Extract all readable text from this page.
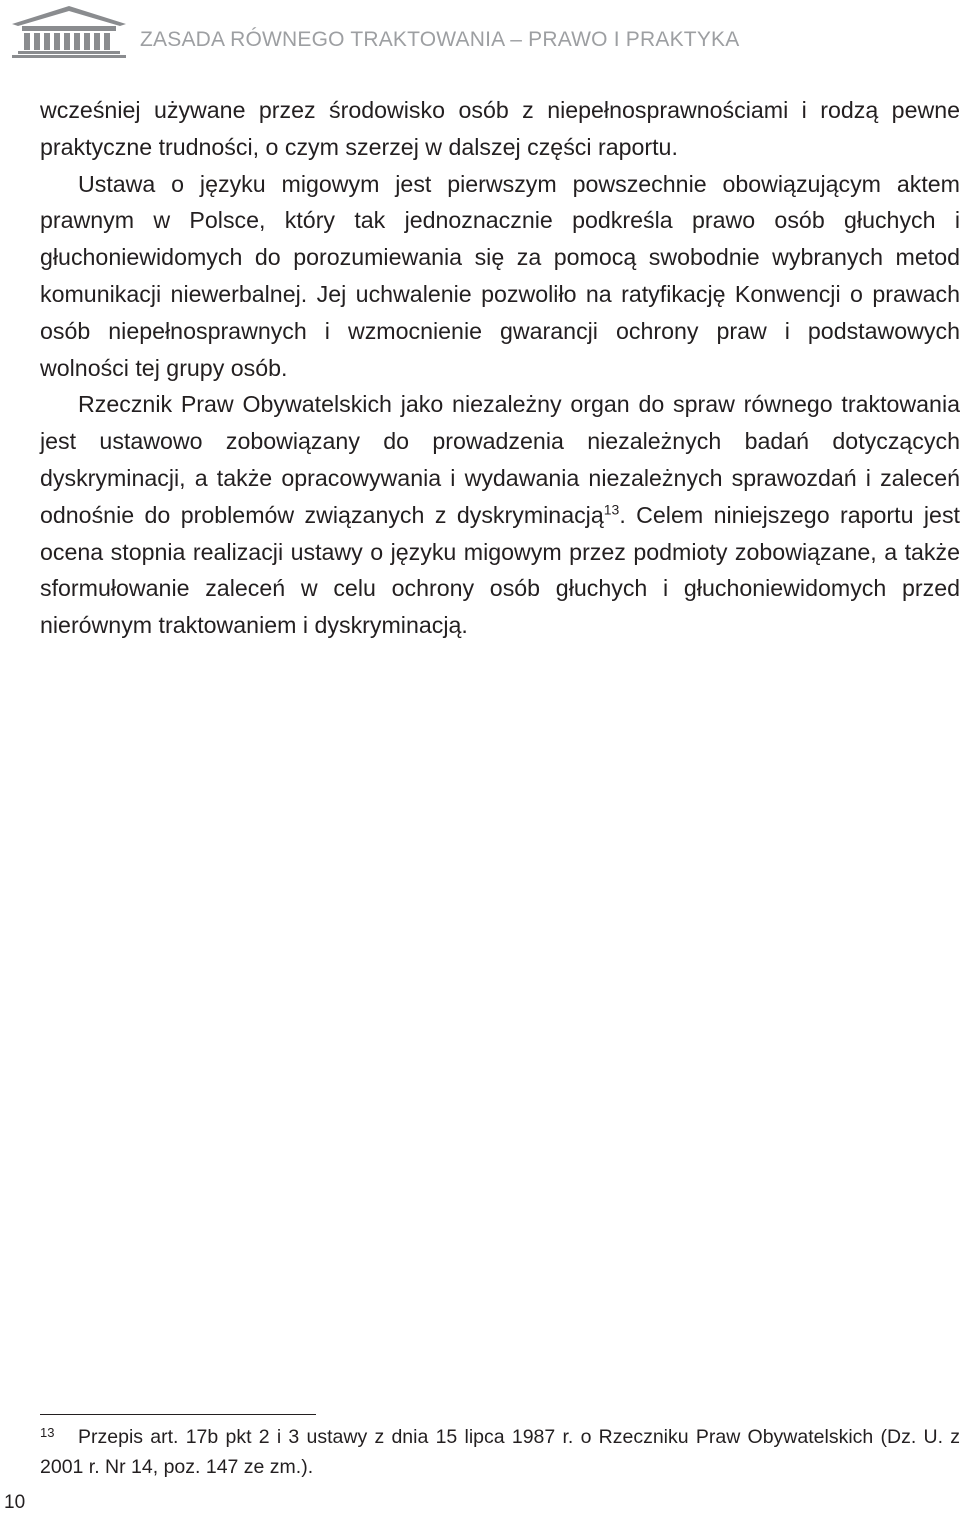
ZASADA RÓWNEGO TRAKTOWANIA – PRAWO I PRAKTYKA

wcześniej używane przez środowisko osób z niepełnosprawnościami i rodzą pewne praktyczne trudności, o czym szerzej w dalszej części raportu.

Ustawa o języku migowym jest pierwszym powszechnie obowiązującym aktem prawnym w Polsce, który tak jednoznacznie podkreśla prawo osób głuchych i głuchoniewidomych do porozumiewania się za pomocą swobodnie wybranych metod komunikacji niewerbalnej. Jej uchwalenie pozwoliło na ratyfikację Konwencji o prawach osób niepełnosprawnych i wzmocnienie gwarancji ochrony praw i podstawowych wolności tej grupy osób.

Rzecznik Praw Obywatelskich jako niezależny organ do spraw równego traktowania jest ustawowo zobowiązany do prowadzenia niezależnych badań dotyczących dyskryminacji, a także opracowywania i wydawania niezależnych sprawozdań i zaleceń odnośnie do problemów związanych z dyskryminacją$^{13}$. Celem niniejszego raportu jest ocena stopnia realizacji ustawy o języku migowym przez podmioty zobowiązane, a także sformułowanie zaleceń w celu ochrony osób głuchych i głuchoniewidomych przed nierównym traktowaniem i dyskryminacją.

13 Przepis art. 17b pkt 2 i 3 ustawy z dnia 15 lipca 1987 r. o Rzeczniku Praw Obywatelskich (Dz. U. z 2001 r. Nr 14, poz. 147 ze zm.).
10
